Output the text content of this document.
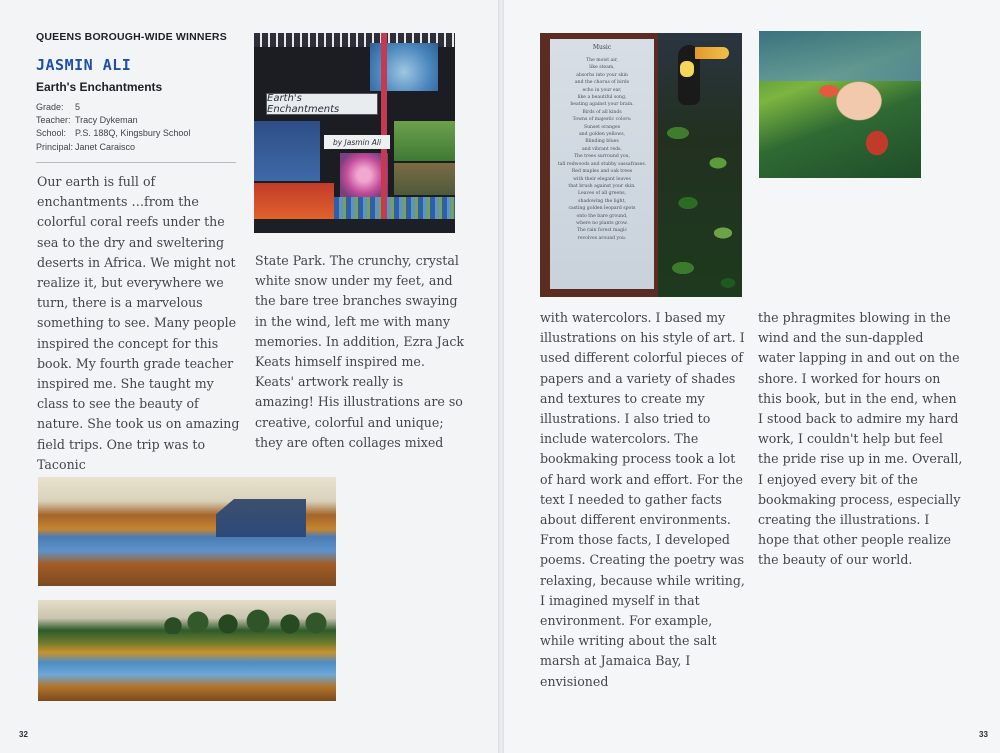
QUEENS BOROUGH-WIDE WINNERS
JASMIN ALI
Earth's Enchantments
Grade:	5
Teacher: Tracy Dykeman
School: P.S. 188Q, Kingsbury School
Principal: Janet Caraisco
Earth's Enchantments
by Jasmin Ali
Our earth is full of enchantments …from the colorful coral reefs under the sea to the dry and sweltering deserts in Africa. We might not realize it, but everywhere we turn, there is a marvelous something to see. Many people inspired the concept for this book. My fourth grade teacher inspired me. She taught my class to see the beauty of nature. She took us on amazing field trips. One trip was to Taconic
State Park. The crunchy, crystal white snow under my feet, and the bare tree branches swaying in the wind, left me with many memories. In addition, Ezra Jack Keats himself inspired me. Keats' artwork really is amazing! His illustrations are so creative, colorful and unique; they are often collages mixed
Music
The moist air,
like steam,
absorbs into your skin
and the chorus of birds
echo in your ear,
like a beautiful song,
beating against your brain.
Birds of all kinds
Towns of majestic colors:
Sunset oranges
and golden yellows,
Blinding blues
and vibrant reds.
The trees surround you,
tall redwoods and stubby sassafrases.
Red maples and oak trees
with their elegant leaves
that brush against your skin.
Leaves of all greens,
shadowing the light,
casting golden leopard spots
onto the bare ground,
where no plants grow.
The rain forest magic
revolves around you.
with watercolors. I based my illustrations on his style of art. I used different colorful pieces of papers and a variety of shades and textures to create my illustrations. I also tried to include watercolors. The bookmaking process took a lot of hard work and effort. For the text I needed to gather facts about different environments. From those facts, I developed poems. Creating the poetry was relaxing, because while writing, I imagined myself in that environment. For example, while writing about the salt marsh at Jamaica Bay, I envisioned
the phragmites blowing in the wind and the sun-dappled water lapping in and out on the shore. I worked for hours on this book, but in the end, when I stood back to admire my hard work, I couldn't help but feel the pride rise up in me. Overall, I enjoyed every bit of the bookmaking process, especially creating the illustrations. I hope that other people realize the beauty of our world.
32	33
